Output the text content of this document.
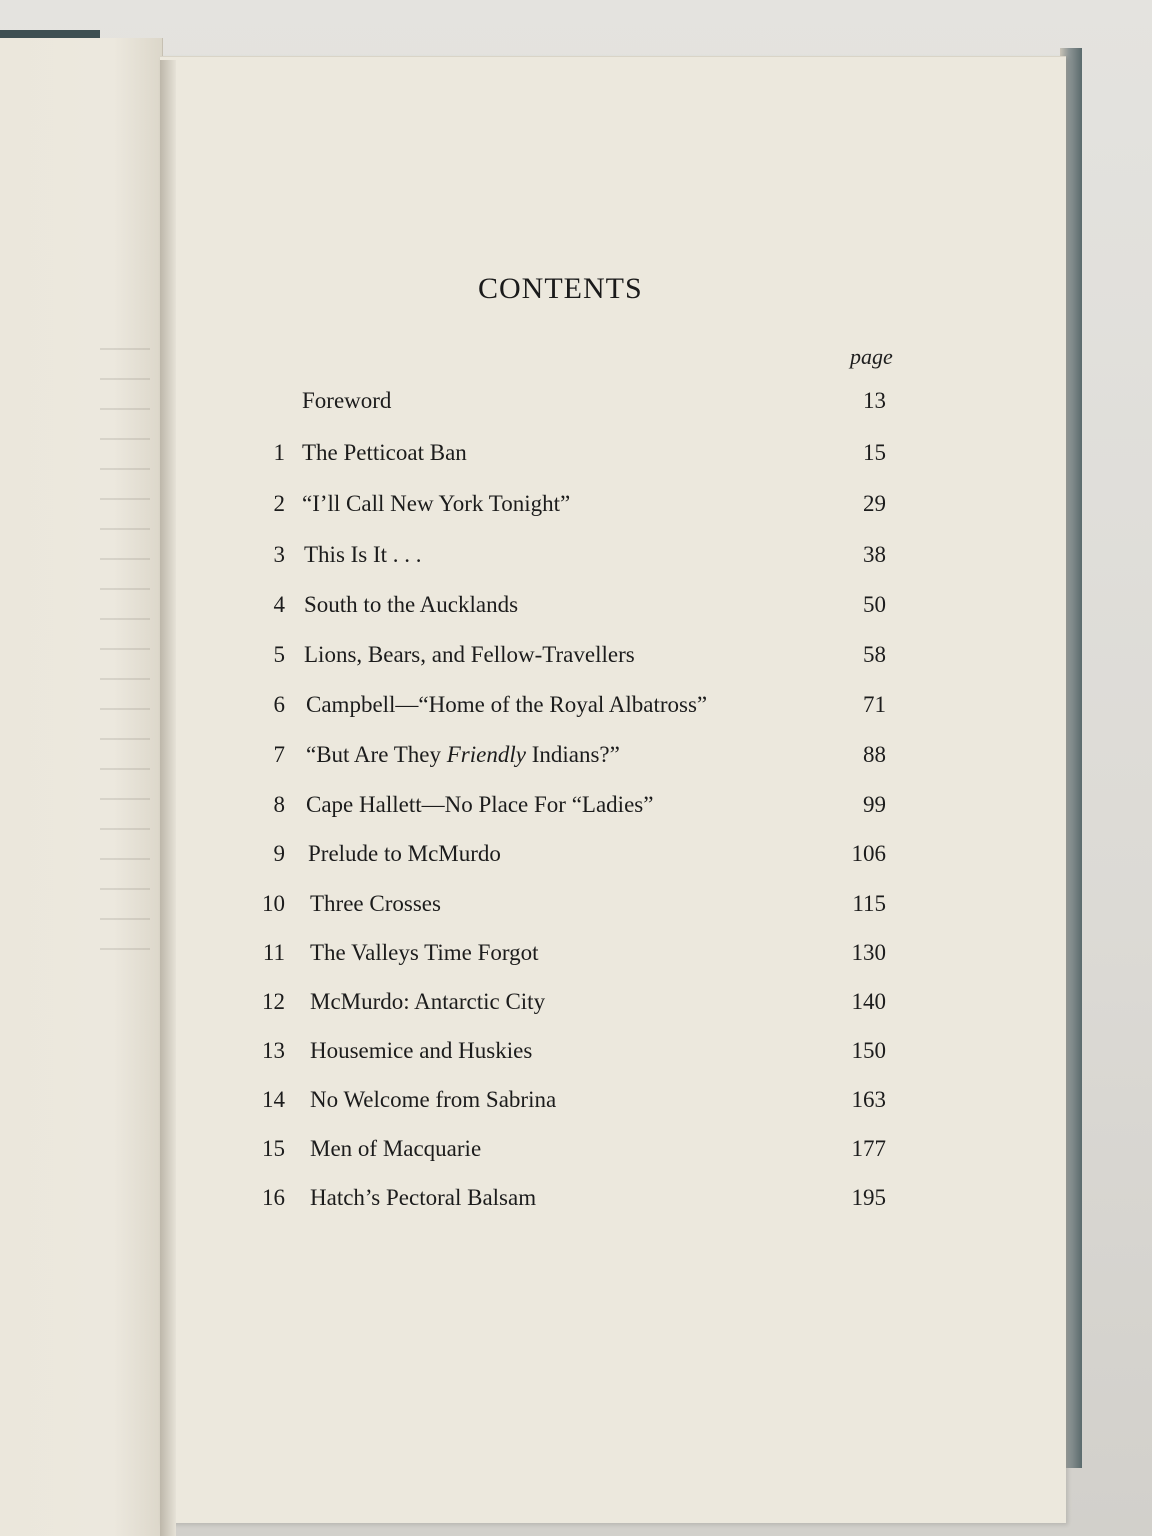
CONTENTS
page
Foreword	13
1 The Petticoat Ban	15
2 “I’ll Call New York Tonight”	29
3 This Is It . . .	38
4 South to the Aucklands	50
5 Lions, Bears, and Fellow-Travellers	58
6 Campbell—“Home of the Royal Albatross”	71
7 “But Are They Friendly Indians?”	88
8 Cape Hallett—No Place For “Ladies”	99
9 Prelude to McMurdo	106
10 Three Crosses	115
11 The Valleys Time Forgot	130
12 McMurdo: Antarctic City	140
13 Housemice and Huskies	150
14 No Welcome from Sabrina	163
15 Men of Macquarie	177
16 Hatch’s Pectoral Balsam	195
